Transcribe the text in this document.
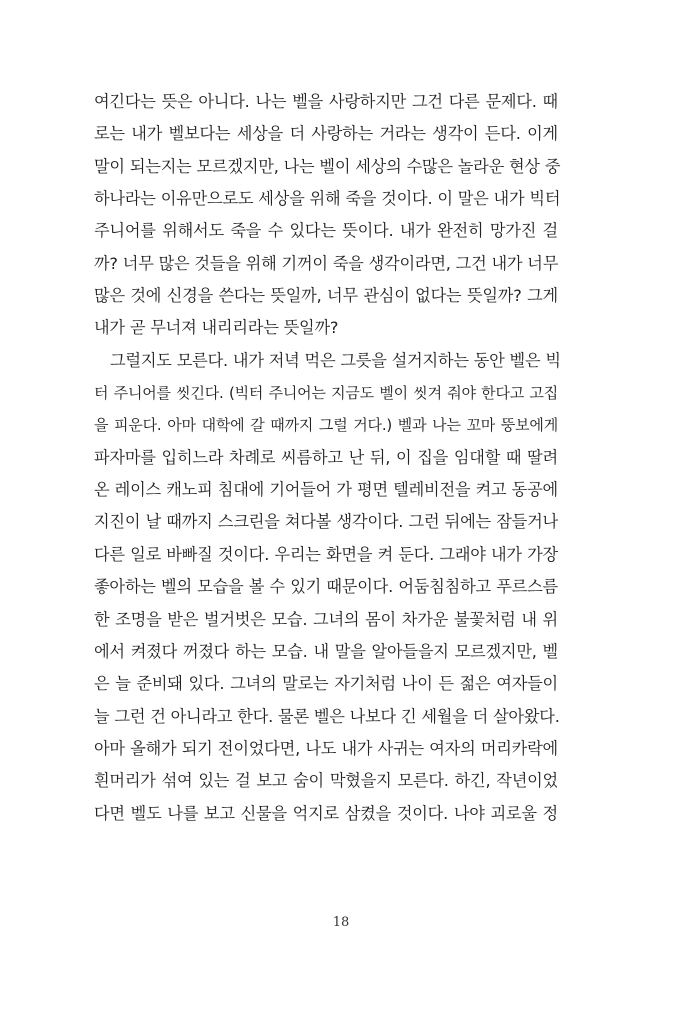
여긴다는 뜻은 아니다. 나는 벨을 사랑하지만 그건 다른 문제다. 때
로는 내가 벨보다는 세상을 더 사랑하는 거라는 생각이 든다. 이게
말이 되는지는 모르겠지만, 나는 벨이 세상의 수많은 놀라운 현상 중
하나라는 이유만으로도 세상을 위해 죽을 것이다. 이 말은 내가 빅터
주니어를 위해서도 죽을 수 있다는 뜻이다. 내가 완전히 망가진 걸
까? 너무 많은 것들을 위해 기꺼이 죽을 생각이라면, 그건 내가 너무
많은 것에 신경을 쓴다는 뜻일까, 너무 관심이 없다는 뜻일까? 그게
내가 곧 무너져 내리리라는 뜻일까?
그럴지도 모른다. 내가 저녁 먹은 그릇을 설거지하는 동안 벨은 빅
터 주니어를 씻긴다. (빅터 주니어는 지금도 벨이 씻겨 줘야 한다고 고집
을 피운다. 아마 대학에 갈 때까지 그럴 거다.) 벨과 나는 꼬마 뚱보에게
파자마를 입히느라 차례로 씨름하고 난 뒤, 이 집을 임대할 때 딸려
온 레이스 캐노피 침대에 기어들어 가 평면 텔레비전을 켜고 동공에
지진이 날 때까지 스크린을 쳐다볼 생각이다. 그런 뒤에는 잠들거나
다른 일로 바빠질 것이다. 우리는 화면을 켜 둔다. 그래야 내가 가장
좋아하는 벨의 모습을 볼 수 있기 때문이다. 어둠침침하고 푸르스름
한 조명을 받은 벌거벗은 모습. 그녀의 몸이 차가운 불꽃처럼 내 위
에서 켜졌다 꺼졌다 하는 모습. 내 말을 알아들을지 모르겠지만, 벨
은 늘 준비돼 있다. 그녀의 말로는 자기처럼 나이 든 젊은 여자들이
늘 그런 건 아니라고 한다. 물론 벨은 나보다 긴 세월을 더 살아왔다.
아마 올해가 되기 전이었다면, 나도 내가 사귀는 여자의 머리카락에
흰머리가 섞여 있는 걸 보고 숨이 막혔을지 모른다. 하긴, 작년이었
다면 벨도 나를 보고 신물을 억지로 삼켰을 것이다. 나야 괴로울 정
18
